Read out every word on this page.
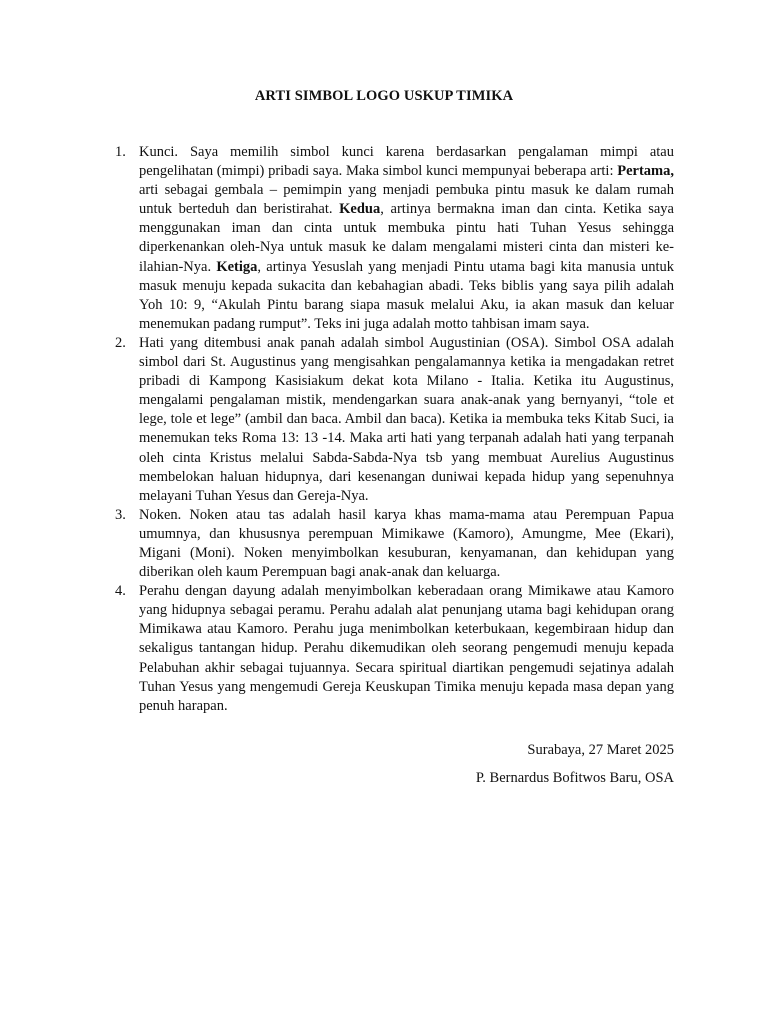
ARTI SIMBOL LOGO USKUP TIMIKA

1. Kunci. Saya memilih simbol kunci karena berdasarkan pengalaman mimpi atau pengelihatan (mimpi) pribadi saya. Maka simbol kunci mempunyai beberapa arti: Pertama, arti sebagai gembala – pemimpin yang menjadi pembuka pintu masuk ke dalam rumah untuk berteduh dan beristirahat. Kedua, artinya bermakna iman dan cinta. Ketika saya menggunakan iman dan cinta untuk membuka pintu hati Tuhan Yesus sehingga diperkenankan oleh-Nya untuk masuk ke dalam mengalami misteri cinta dan misteri ke-ilahian-Nya. Ketiga, artinya Yesuslah yang menjadi Pintu utama bagi kita manusia untuk masuk menuju kepada sukacita dan kebahagian abadi. Teks biblis yang saya pilih adalah Yoh 10: 9, “Akulah Pintu barang siapa masuk melalui Aku, ia akan masuk dan keluar menemukan padang rumput”. Teks ini juga adalah motto tahbisan imam saya.

2. Hati yang ditembusi anak panah adalah simbol Augustinian (OSA). Simbol OSA adalah simbol dari St. Augustinus yang mengisahkan pengalamannya ketika ia mengadakan retret pribadi di Kampong Kasisiakum dekat kota Milano - Italia. Ketika itu Augustinus, mengalami pengalaman mistik, mendengarkan suara anak-anak yang bernyanyi, “tole et lege, tole et lege” (ambil dan baca. Ambil dan baca). Ketika ia membuka teks Kitab Suci, ia menemukan teks Roma 13: 13 -14. Maka arti hati yang terpanah adalah hati yang terpanah oleh cinta Kristus melalui Sabda-Sabda-Nya tsb yang membuat Aurelius Augustinus membelokan haluan hidupnya, dari kesenangan duniwai kepada hidup yang sepenuhnya melayani Tuhan Yesus dan Gereja-Nya.

3. Noken. Noken atau tas adalah hasil karya khas mama-mama atau Perempuan Papua umumnya, dan khususnya perempuan Mimikawe (Kamoro), Amungme, Mee (Ekari), Migani (Moni). Noken menyimbolkan kesuburan, kenyamanan, dan kehidupan yang diberikan oleh kaum Perempuan bagi anak-anak dan keluarga.

4. Perahu dengan dayung adalah menyimbolkan keberadaan orang Mimikawe atau Kamoro yang hidupnya sebagai peramu. Perahu adalah alat penunjang utama bagi kehidupan orang Mimikawa atau Kamoro. Perahu juga menimbolkan keterbukaan, kegembiraan hidup dan sekaligus tantangan hidup. Perahu dikemudikan oleh seorang pengemudi menuju kepada Pelabuhan akhir sebagai tujuannya. Secara spiritual diartikan pengemudi sejatinya adalah Tuhan Yesus yang mengemudi Gereja Keuskupan Timika menuju kepada masa depan yang penuh harapan.

Surabaya, 27 Maret 2025
P. Bernardus Bofitwos Baru, OSA
